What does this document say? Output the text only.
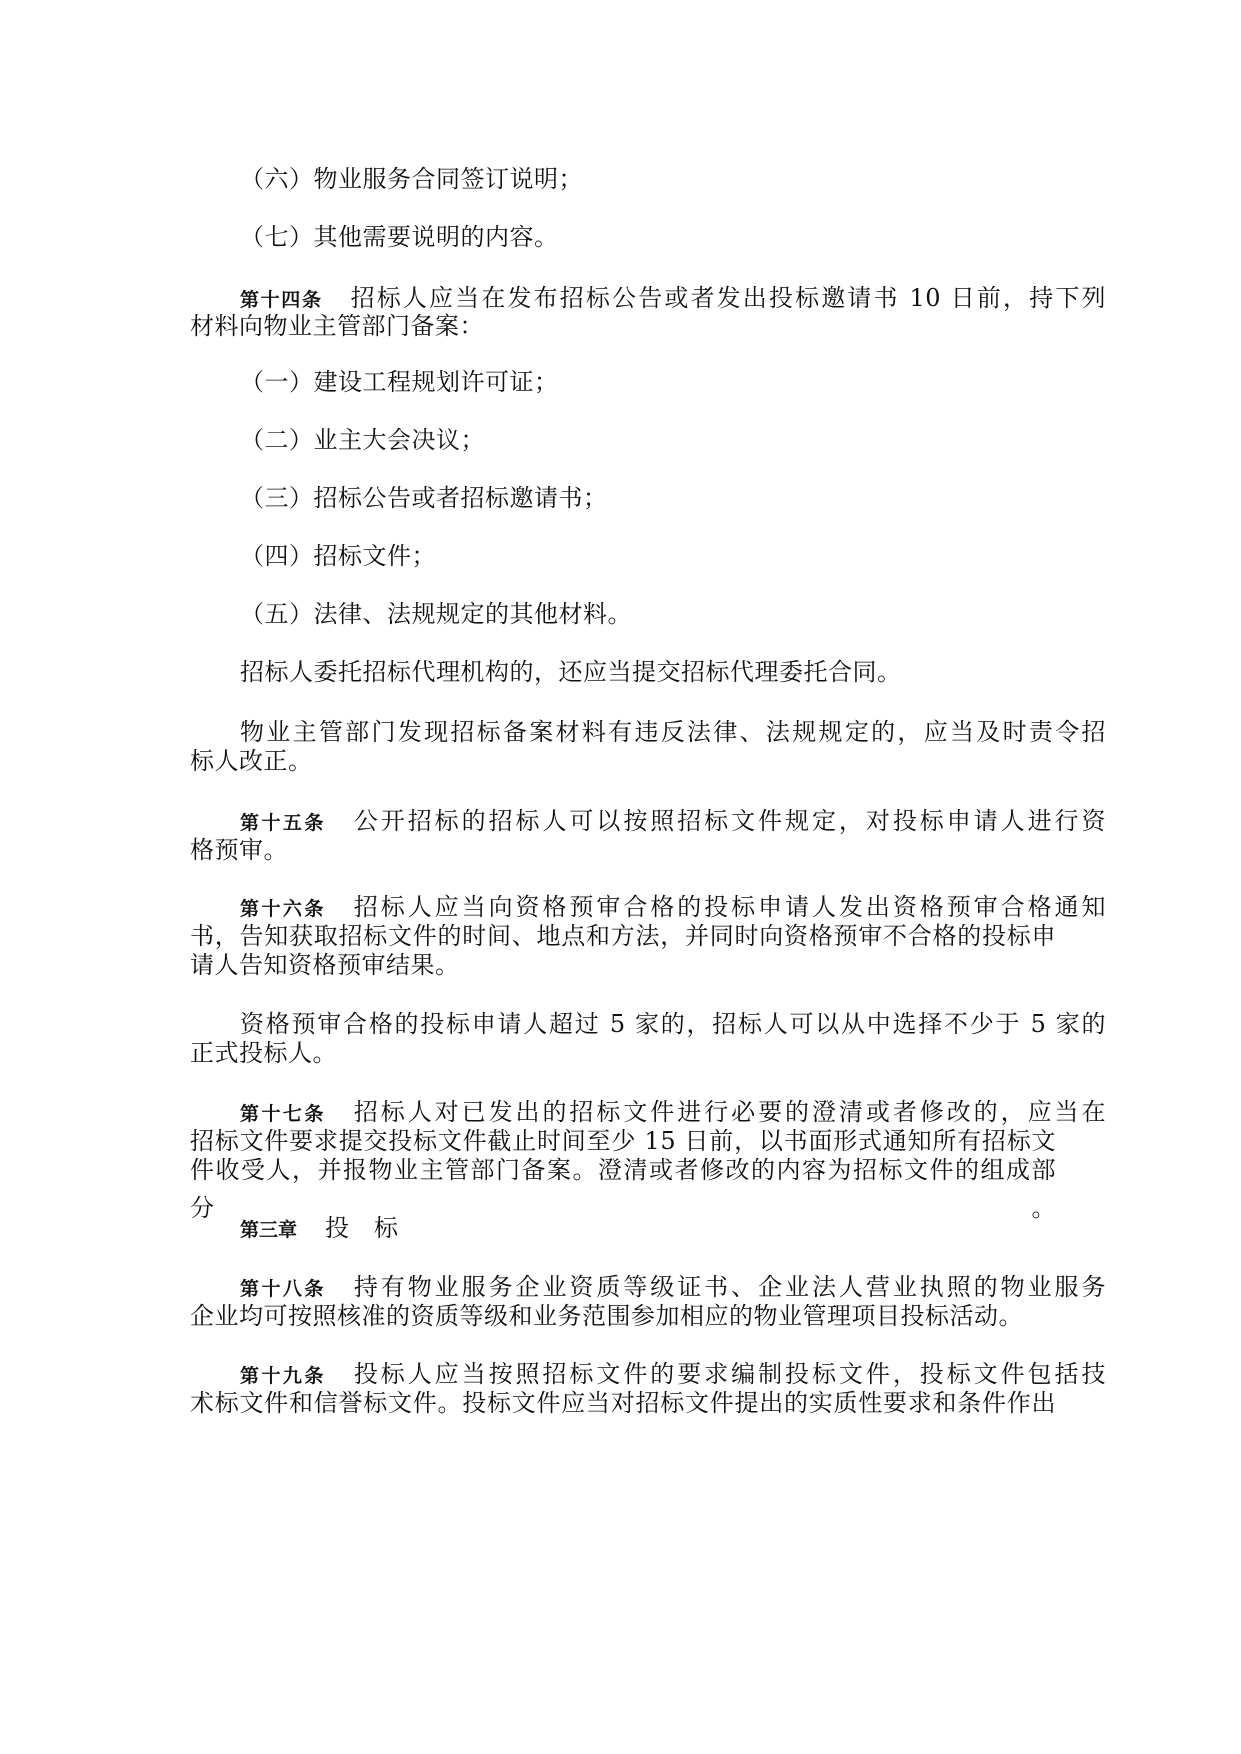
（六）物业服务合同签订说明；
（七）其他需要说明的内容。
第十四条 招标人应当在发布招标公告或者发出投标邀请书 10 日前，持下列
材料向物业主管部门备案：
（一）建设工程规划许可证；
（二）业主大会决议；
（三）招标公告或者招标邀请书；
（四）招标文件；
（五）法律、法规规定的其他材料。
招标人委托招标代理机构的，还应当提交招标代理委托合同。
物业主管部门发现招标备案材料有违反法律、法规规定的，应当及时责令招
标人改正。
第十五条 公开招标的招标人可以按照招标文件规定，对投标申请人进行资
格预审。
第十六条 招标人应当向资格预审合格的投标申请人发出资格预审合格通知
书，告知获取招标文件的时间、地点和方法，并同时向资格预审不合格的投标申
请人告知资格预审结果。
资格预审合格的投标申请人超过 5 家的，招标人可以从中选择不少于 5 家的
正式投标人。
第十七条 招标人对已发出的招标文件进行必要的澄清或者修改的，应当在
招标文件要求提交投标文件截止时间至少 15 日前，以书面形式通知所有招标文
件收受人，并报物业主管部门备案。澄清或者修改的内容为招标文件的组成部分。
第三章 投　标
第十八条 持有物业服务企业资质等级证书、企业法人营业执照的物业服务
企业均可按照核准的资质等级和业务范围参加相应的物业管理项目投标活动。
第十九条 投标人应当按照招标文件的要求编制投标文件，投标文件包括技
术标文件和信誉标文件。投标文件应当对招标文件提出的实质性要求和条件作出
